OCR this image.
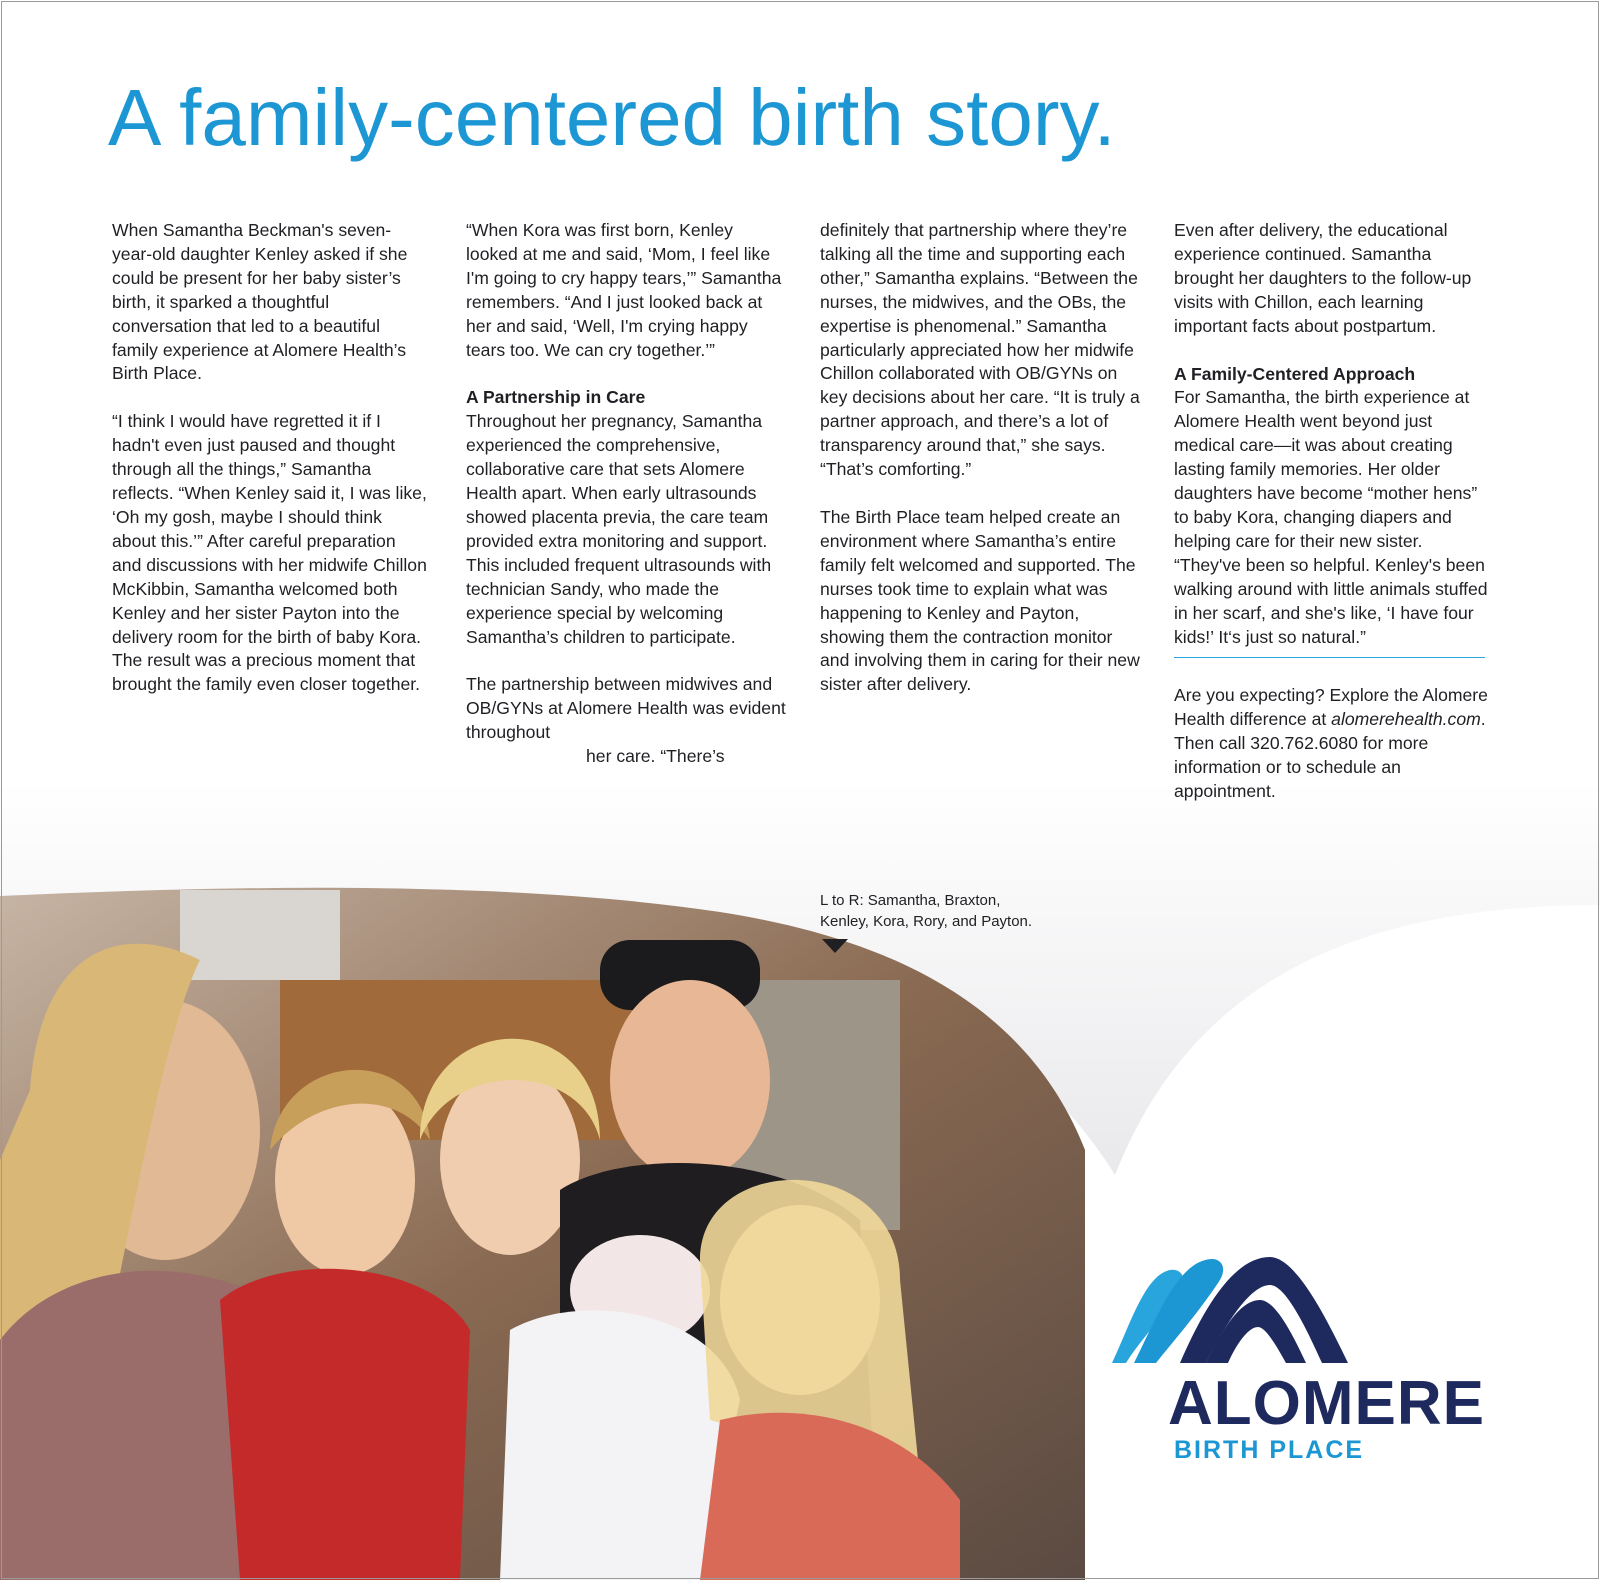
A family-centered birth story.

When Samantha Beckman's seven-year-old daughter Kenley asked if she could be present for her baby sister’s birth, it sparked a thoughtful conversation that led to a beautiful family experience at Alomere Health’s Birth Place.

“I think I would have regretted it if I hadn't even just paused and thought through all the things,” Samantha reflects. “When Kenley said it, I was like, ‘Oh my gosh, maybe I should think about this.’” After careful preparation and discussions with her midwife Chillon McKibbin, Samantha welcomed both Kenley and her sister Payton into the delivery room for the birth of baby Kora. The result was a precious moment that brought the family even closer together.

“When Kora was first born, Kenley looked at me and said, ‘Mom, I feel like I'm going to cry happy tears,’” Samantha remembers. “And I just looked back at her and said, ‘Well, I'm crying happy tears too. We can cry together.’”

A Partnership in Care

Throughout her pregnancy, Samantha experienced the comprehensive, collaborative care that sets Alomere Health apart. When early ultrasounds showed placenta previa, the care team provided extra monitoring and support. This included frequent ultrasounds with technician Sandy, who made the experience special by welcoming Samantha’s children to participate.

The partnership between midwives and OB/GYNs at Alomere Health was evident throughout
her care. “There’s

definitely that partnership where they’re talking all the time and supporting each other,” Samantha explains. “Between the nurses, the midwives, and the OBs, the expertise is phenomenal.” Samantha particularly appreciated how her midwife Chillon collaborated with OB/GYNs on key decisions about her care. “It is truly a partner approach, and there’s a lot of transparency around that,” she says. “That’s comforting.”

The Birth Place team helped create an environment where Samantha’s entire family felt welcomed and supported. The nurses took time to explain what was happening to Kenley and Payton, showing them the contraction monitor and involving them in caring for their new sister after delivery.

Even after delivery, the educational experience continued. Samantha brought her daughters to the follow-up visits with Chillon, each learning important facts about postpartum.

A Family-Centered Approach

For Samantha, the birth experience at Alomere Health went beyond just medical care—it was about creating lasting family memories. Her older daughters have become “mother hens” to baby Kora, changing diapers and helping care for their new sister. “They've been so helpful. Kenley's been walking around with little animals stuffed in her scarf, and she's like, ‘I have four kids!’ It‘s just so natural.”

Are you expecting? Explore the Alomere Health difference at alomerehealth.com. Then call 320.762.6080 for more information or to schedule an appointment.

L to R: Samantha, Braxton,
Kenley, Kora, Rory, and Payton.
ALOMERE
BIRTH PLACE
